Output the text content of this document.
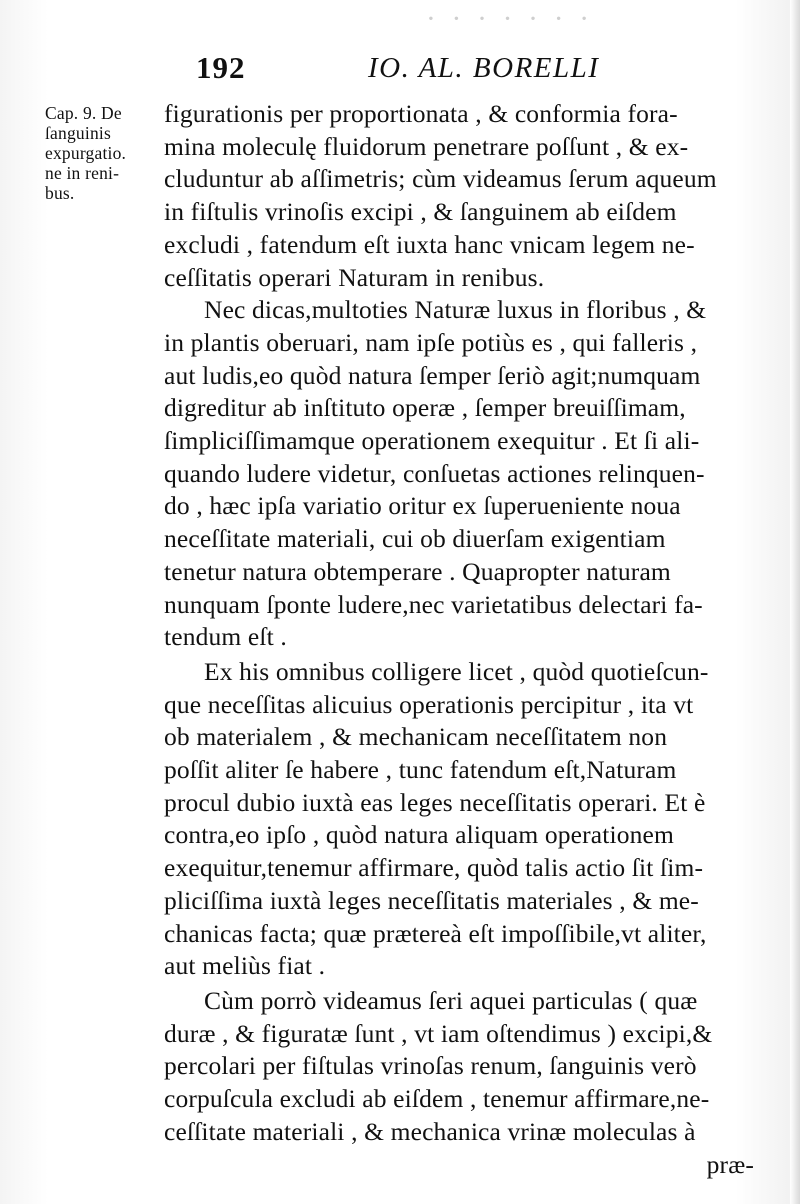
· · · · · · ·
192	IO. AL. BORELLI
Cap. 9. De
ſanguinis
expurgatio.
ne in reni-
bus.
figurationis per proportionata , & conformia fora-
mina moleculę fluidorum penetrare poſſunt , & ex-
cluduntur ab aſſimetris; cùm videamus ſerum aqueum
in fiſtulis vrinoſis excipi , & ſanguinem ab eiſdem
excludi , fatendum eſt iuxta hanc vnicam legem ne-
ceſſitatis operari Naturam in renibus.
Nec dicas,multoties Naturæ luxus in floribus , &
in plantis oberuari, nam ipſe potiùs es , qui falleris ,
aut ludis,eo quòd natura ſemper ſeriò agit;numquam
digreditur ab inſtituto operæ , ſemper breuiſſimam,
ſimpliciſſimamque operationem exequitur . Et ſi ali-
quando ludere videtur, conſuetas actiones relinquen-
do , hæc ipſa variatio oritur ex ſuperueniente noua
neceſſitate materiali, cui ob diuerſam exigentiam
tenetur natura obtemperare . Quapropter naturam
nunquam ſponte ludere,nec varietatibus delectari fa-
tendum eſt .
Ex his omnibus colligere licet , quòd quotieſcun-
que neceſſitas alicuius operationis percipitur , ita vt
ob materialem , & mechanicam neceſſitatem non
poſſit aliter ſe habere , tunc fatendum eſt,Naturam
procul dubio iuxtà eas leges neceſſitatis operari. Et è
contra,eo ipſo , quòd natura aliquam operationem
exequitur,tenemur affirmare, quòd talis actio ſit ſim-
pliciſſima iuxtà leges neceſſitatis materiales , & me-
chanicas facta; quæ prætereà eſt impoſſibile,vt aliter,
aut meliùs fiat .
Cùm porrò videamus ſeri aquei particulas ( quæ
duræ , & figuratæ ſunt , vt iam oſtendimus ) excipi,&
percolari per fiſtulas vrinoſas renum, ſanguinis verò
corpuſcula excludi ab eiſdem , tenemur affirmare,ne-
ceſſitate materiali , & mechanica vrinæ moleculas à
præ-
